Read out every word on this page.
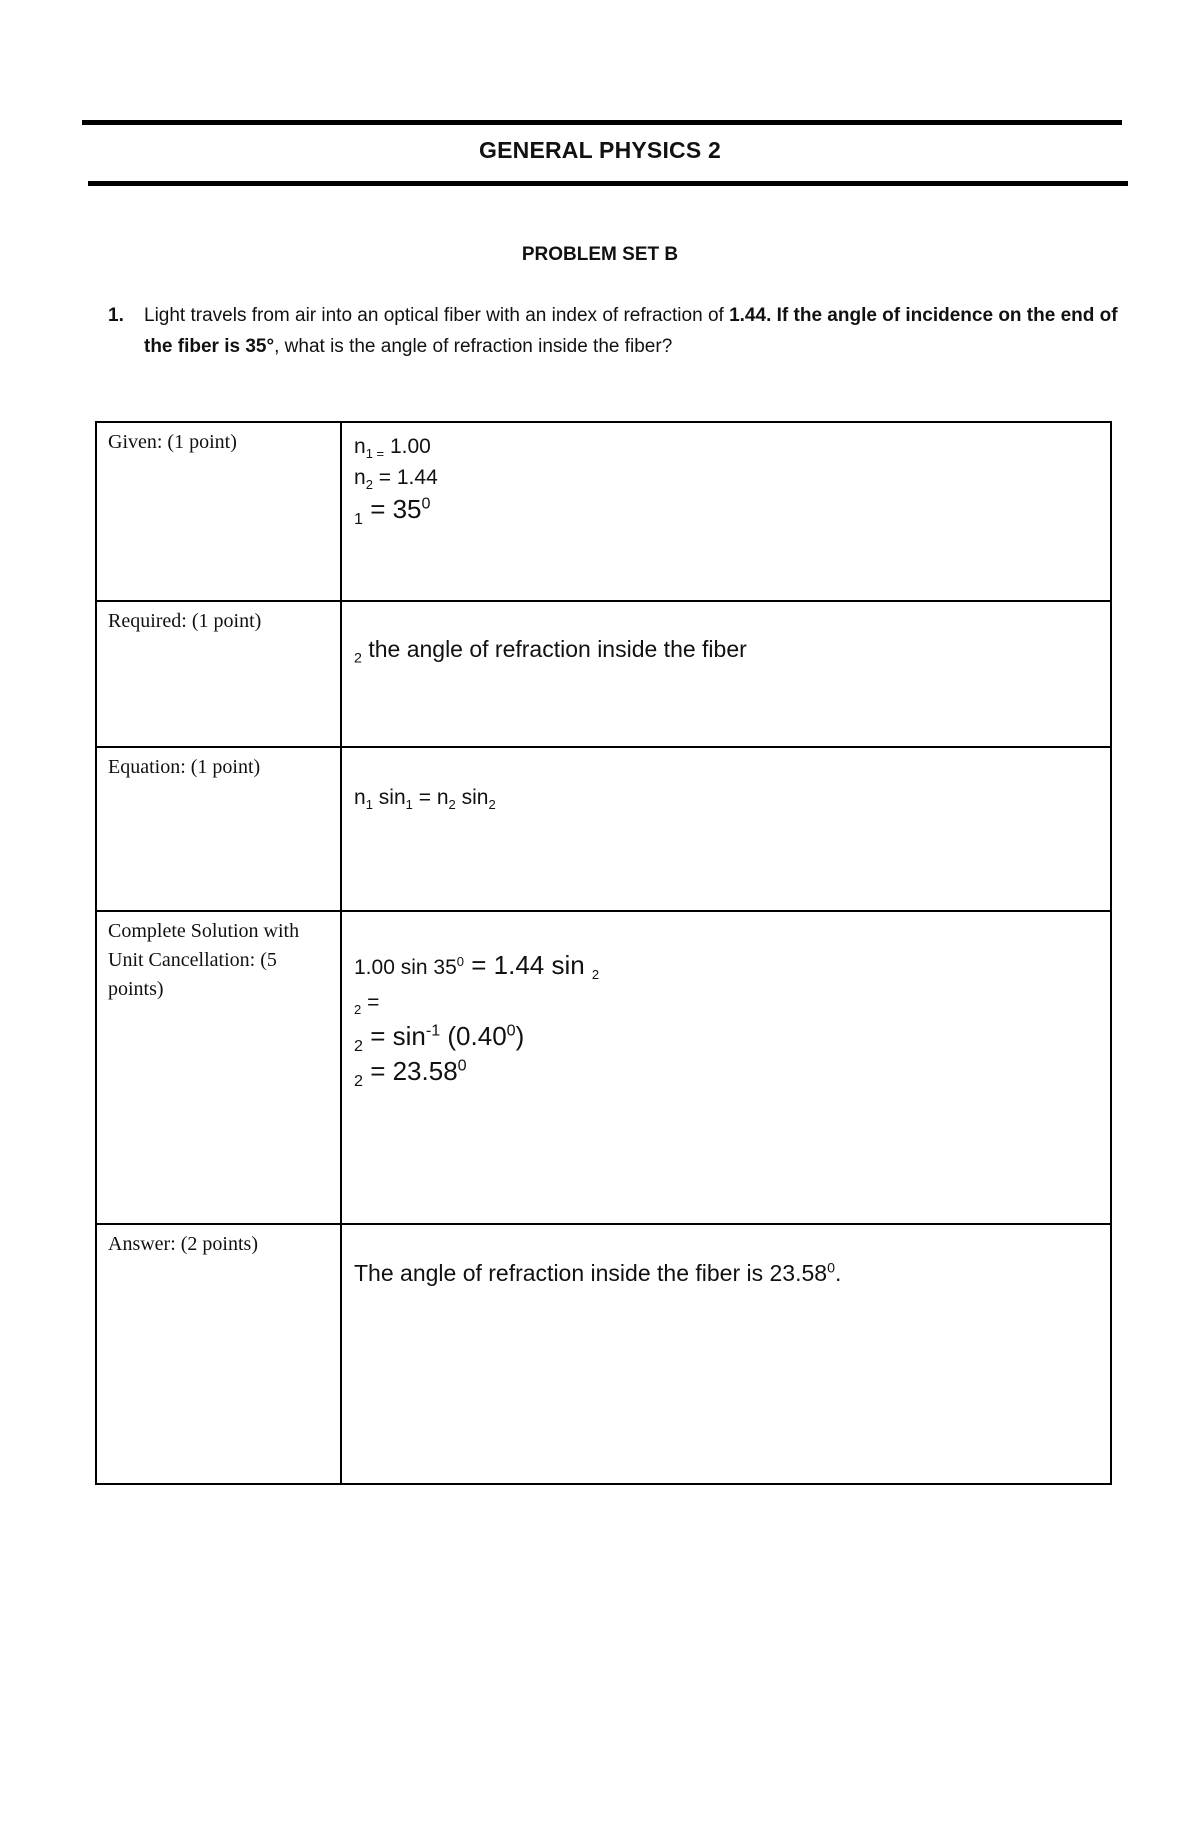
GENERAL PHYSICS 2
PROBLEM SET B
1. Light travels from air into an optical fiber with an index of refraction of 1.44. If the angle of incidence on the end of the fiber is 35°, what is the angle of refraction inside the fiber?
Given: (1 point)	$n_{1 =}$ 1.00
$n_2 = 1.44$
$_1 = 35^0$

Required: (1 point)	$_2$ the angle of refraction inside the fiber

Equation: (1 point)	$n_1$ $\sin_1 = n_2$ $\sin_2$

Complete Solution with Unit Cancellation: (5 points)	1.00 $\sin 35^0 = 1.44$ sin $_2$
$_2$ =
$_2 = \sin^{-1} (0.40^0)$
$_2 = 23.58^0$

Answer: (2 points)	The angle of refraction inside the fiber is 23.58$^0$.
